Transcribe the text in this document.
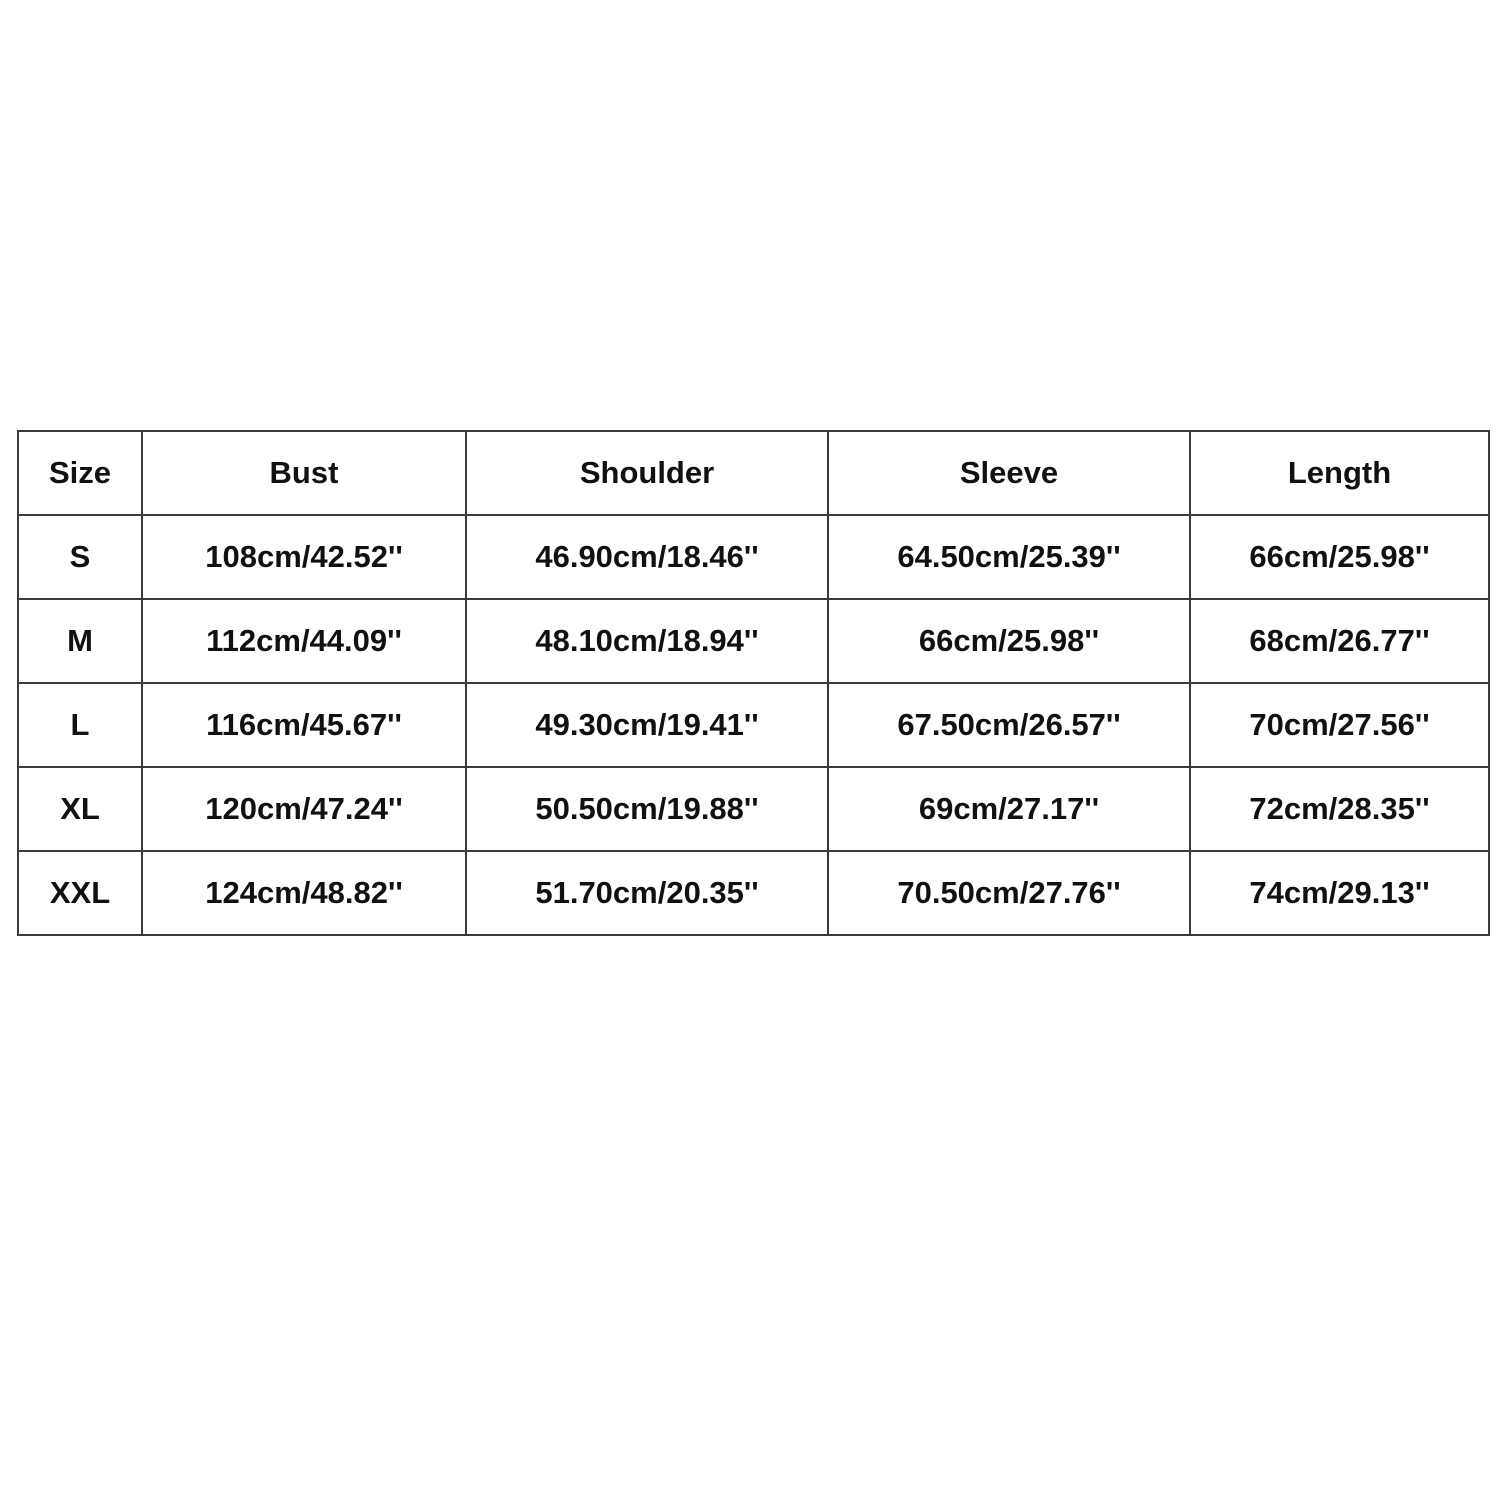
Size	Bust	Shoulder	Sleeve	Length
S	108cm/42.52''	46.90cm/18.46''	64.50cm/25.39''	66cm/25.98''
M	112cm/44.09''	48.10cm/18.94''	66cm/25.98''	68cm/26.77''
L	116cm/45.67''	49.30cm/19.41''	67.50cm/26.57''	70cm/27.56''
XL	120cm/47.24''	50.50cm/19.88''	69cm/27.17''	72cm/28.35''
XXL	124cm/48.82''	51.70cm/20.35''	70.50cm/27.76''	74cm/29.13''
